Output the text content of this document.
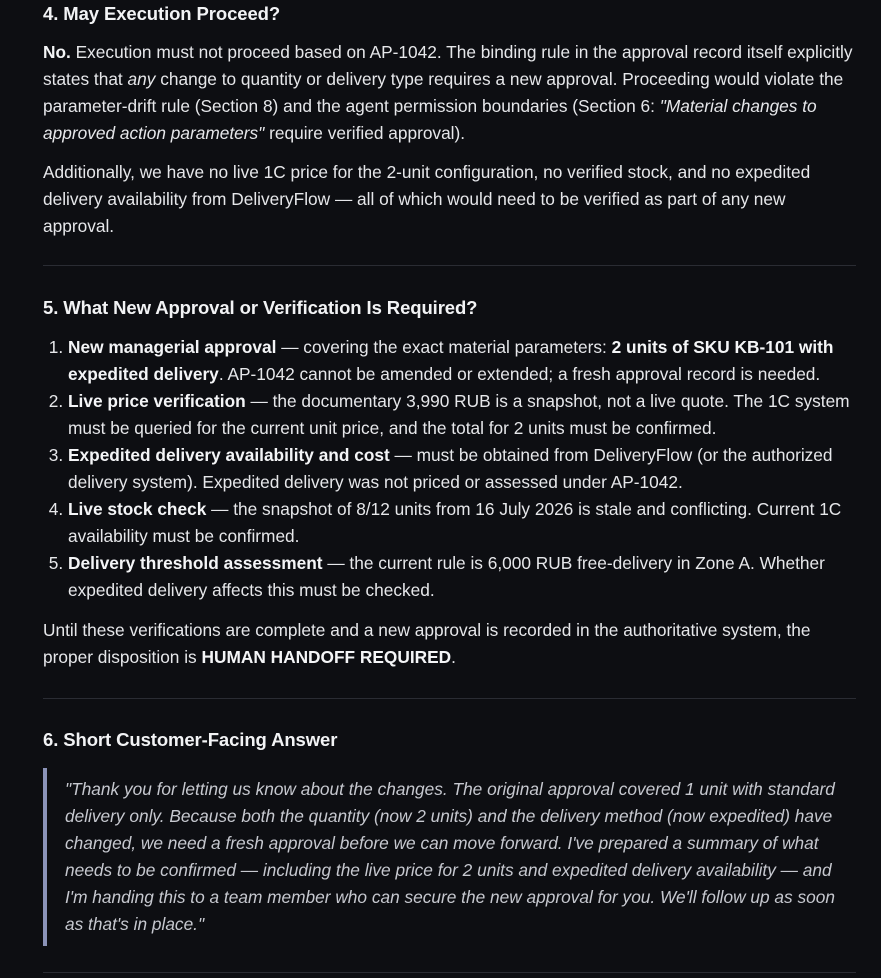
4. May Execution Proceed?

No. Execution must not proceed based on AP-1042. The binding rule in the approval record itself explicitly states that any change to quantity or delivery type requires a new approval. Proceeding would violate the parameter-drift rule (Section 8) and the agent permission boundaries (Section 6: "Material changes to approved action parameters" require verified approval).

Additionally, we have no live 1C price for the 2-unit configuration, no verified stock, and no expedited delivery availability from DeliveryFlow — all of which would need to be verified as part of any new approval.

5. What New Approval or Verification Is Required?
1. New managerial approval — covering the exact material parameters: 2 units of SKU KB-101 with expedited delivery. AP-1042 cannot be amended or extended; a fresh approval record is needed.
2. Live price verification — the documentary 3,990 RUB is a snapshot, not a live quote. The 1C system must be queried for the current unit price, and the total for 2 units must be confirmed.
3. Expedited delivery availability and cost — must be obtained from DeliveryFlow (or the authorized delivery system). Expedited delivery was not priced or assessed under AP-1042.
4. Live stock check — the snapshot of 8/12 units from 16 July 2026 is stale and conflicting. Current 1C availability must be confirmed.
5. Delivery threshold assessment — the current rule is 6,000 RUB free-delivery in Zone A. Whether expedited delivery affects this must be checked.

Until these verifications are complete and a new approval is recorded in the authoritative system, the proper disposition is HUMAN HANDOFF REQUIRED.

6. Short Customer-Facing Answer
"Thank you for letting us know about the changes. The original approval covered 1 unit with standard delivery only. Because both the quantity (now 2 units) and the delivery method (now expedited) have changed, we need a fresh approval before we can move forward. I've prepared a summary of what needs to be confirmed — including the live price for 2 units and expedited delivery availability — and I'm handing this to a team member who can secure the new approval for you. We'll follow up as soon as that's in place."
